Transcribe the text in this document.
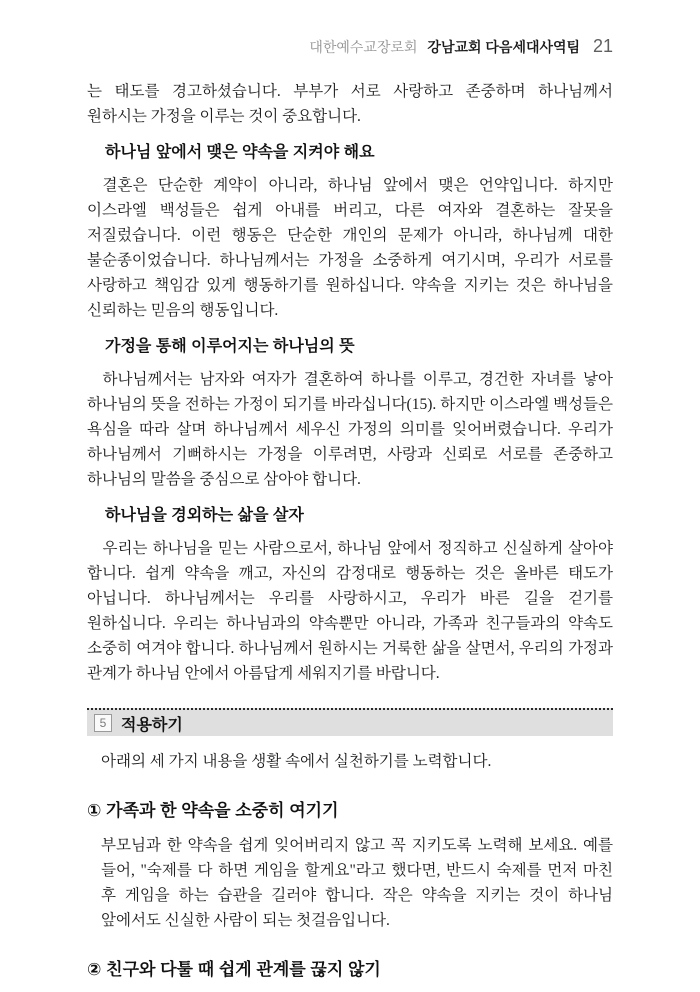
대한예수교장로회 강남교회 다음세대사역팀 21

는 태도를 경고하셨습니다. 부부가 서로 사랑하고 존중하며 하나님께서 원하시는 가정을 이루는 것이 중요합니다.

하나님 앞에서 맺은 약속을 지켜야 해요

결혼은 단순한 계약이 아니라, 하나님 앞에서 맺은 언약입니다. 하지만 이스라엘 백성들은 쉽게 아내를 버리고, 다른 여자와 결혼하는 잘못을 저질렀습니다. 이런 행동은 단순한 개인의 문제가 아니라, 하나님께 대한 불순종이었습니다. 하나님께서는 가정을 소중하게 여기시며, 우리가 서로를 사랑하고 책임감 있게 행동하기를 원하십니다. 약속을 지키는 것은 하나님을 신뢰하는 믿음의 행동입니다.

가정을 통해 이루어지는 하나님의 뜻

하나님께서는 남자와 여자가 결혼하여 하나를 이루고, 경건한 자녀를 낳아 하나님의 뜻을 전하는 가정이 되기를 바라십니다(15). 하지만 이스라엘 백성들은 욕심을 따라 살며 하나님께서 세우신 가정의 의미를 잊어버렸습니다. 우리가 하나님께서 기뻐하시는 가정을 이루려면, 사랑과 신뢰로 서로를 존중하고 하나님의 말씀을 중심으로 삼아야 합니다.

하나님을 경외하는 삶을 살자

우리는 하나님을 믿는 사람으로서, 하나님 앞에서 정직하고 신실하게 살아야 합니다. 쉽게 약속을 깨고, 자신의 감정대로 행동하는 것은 올바른 태도가 아닙니다. 하나님께서는 우리를 사랑하시고, 우리가 바른 길을 걷기를 원하십니다. 우리는 하나님과의 약속뿐만 아니라, 가족과 친구들과의 약속도 소중히 여겨야 합니다. 하나님께서 원하시는 거룩한 삶을 살면서, 우리의 가정과 관계가 하나님 안에서 아름답게 세워지기를 바랍니다.

5 적용하기

아래의 세 가지 내용을 생활 속에서 실천하기를 노력합니다.

① 가족과 한 약속을 소중히 여기기

부모님과 한 약속을 쉽게 잊어버리지 않고 꼭 지키도록 노력해 보세요. 예를 들어, "숙제를 다 하면 게임을 할게요"라고 했다면, 반드시 숙제를 먼저 마친 후 게임을 하는 습관을 길러야 합니다. 작은 약속을 지키는 것이 하나님 앞에서도 신실한 사람이 되는 첫걸음입니다.

② 친구와 다툴 때 쉽게 관계를 끊지 않기
